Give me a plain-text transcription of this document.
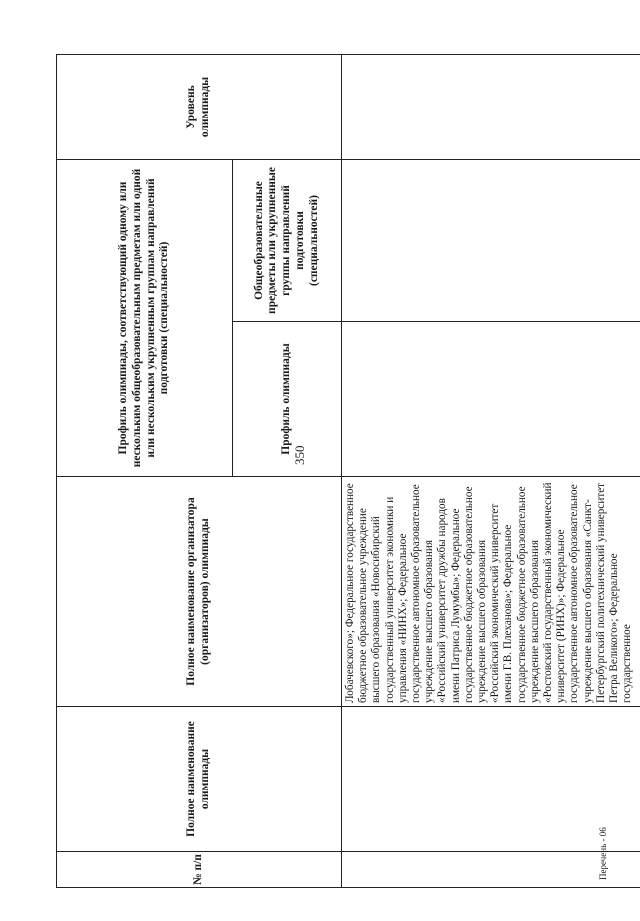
350
№ п/п	Полное наименование олимпиады	Полное наименование организатора (организаторов) олимпиады	Профиль олимпиады, соответствующий одному или нескольким общеобразовательным предметам или одной или нескольким укрупненным группам направлений подготовки (специальностей)		Уровень олимпиады
			Профиль олимпиады	Общеобразовательные предметы или укрупненные группы направлений подготовки (специальностей)	
		Лобачевского»; Федеральное государственное бюджетное образовательное учреждение высшего образования «Новосибирский государственный университет экономики и управления «НИНХ»; Федеральное государственное автономное образовательное учреждение высшего образования «Российский университет дружбы народов имени Патриса Лумумбы»; Федеральное государственное бюджетное образовательное учреждение высшего образования «Российский экономический университет имени Г.В. Плеханова»; Федеральное государственное бюджетное образовательное учреждение высшего образования «Ростовский государственный экономический университет (РИНХ)»; Федеральное государственное автономное образовательное учреждение высшего образования «Санкт-Петербургский политехнический университет Петра Великого»; Федеральное государственное			
Перечень - 06
